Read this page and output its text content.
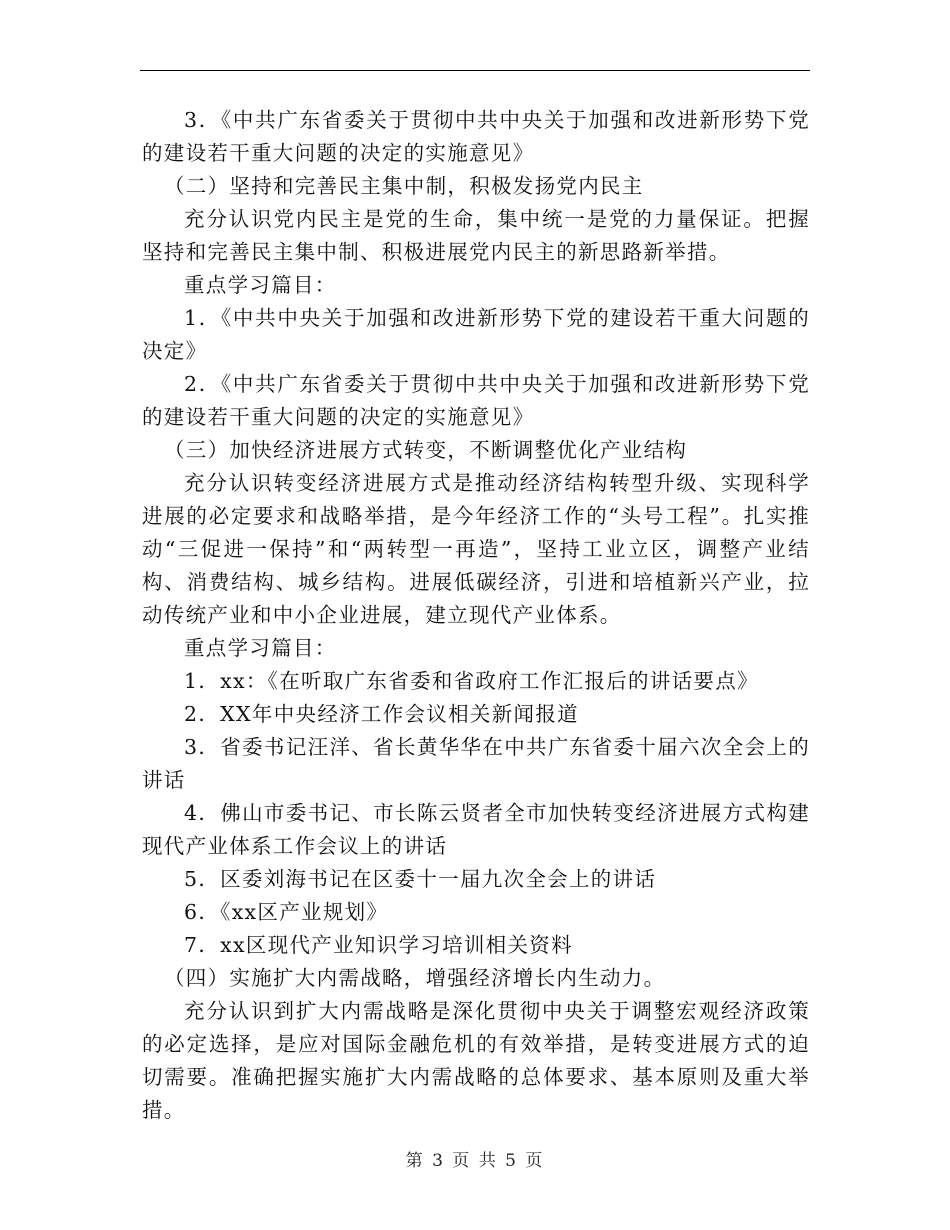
3．《中共广东省委关于贯彻中共中央关于加强和改进新形势下党的建设若干重大问题的决定的实施意见》

（二）坚持和完善民主集中制，积极发扬党内民主

充分认识党内民主是党的生命，集中统一是党的力量保证。把握坚持和完善民主集中制、积极进展党内民主的新思路新举措。

重点学习篇目：

1．《中共中央关于加强和改进新形势下党的建设若干重大问题的决定》

2．《中共广东省委关于贯彻中共中央关于加强和改进新形势下党的建设若干重大问题的决定的实施意见》

（三）加快经济进展方式转变，不断调整优化产业结构

充分认识转变经济进展方式是推动经济结构转型升级、实现科学进展的必定要求和战略举措，是今年经济工作的“头号工程”。扎实推动“三促进一保持”和“两转型一再造”，坚持工业立区，调整产业结构、消费结构、城乡结构。进展低碳经济，引进和培植新兴产业，拉动传统产业和中小企业进展，建立现代产业体系。

重点学习篇目：

1．xx：《在听取广东省委和省政府工作汇报后的讲话要点》

2．XX年中央经济工作会议相关新闻报道

3．省委书记汪洋、省长黄华华在中共广东省委十届六次全会上的讲话

4．佛山市委书记、市长陈云贤者全市加快转变经济进展方式构建现代产业体系工作会议上的讲话

5．区委刘海书记在区委十一届九次全会上的讲话

6．《xx区产业规划》

7．xx区现代产业知识学习培训相关资料

（四）实施扩大内需战略，增强经济增长内生动力。

充分认识到扩大内需战略是深化贯彻中央关于调整宏观经济政策的必定选择，是应对国际金融危机的有效举措，是转变进展方式的迫切需要。准确把握实施扩大内需战略的总体要求、基本原则及重大举措。

第 3 页 共 5 页
